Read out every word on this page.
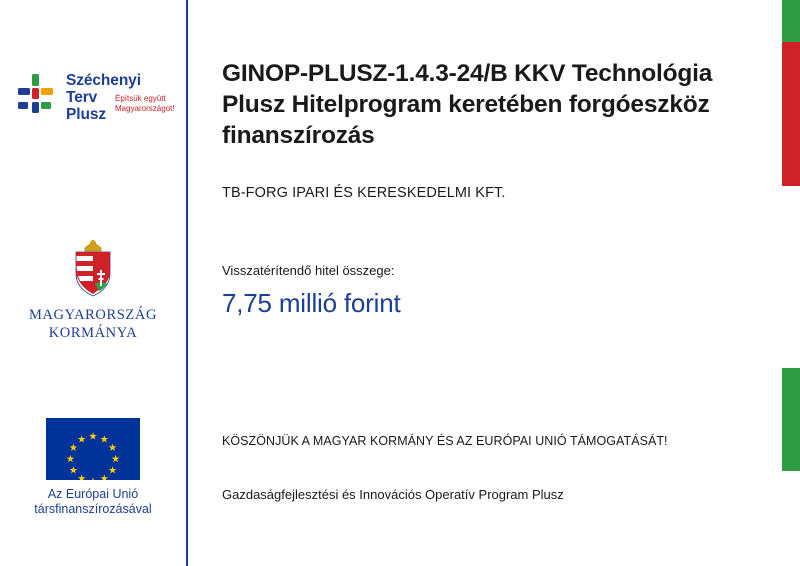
Széchenyi Terv
Plusz
Építsük együtt Magyarországot!
MAGYARORSZÁG
KORMÁNYA
Az Európai Unió
társfinanszírozásával
GINOP-PLUSZ-1.4.3-24/B KKV Technológia Plusz Hitelprogram keretében forgóeszköz finanszírozás
TB-FORG IPARI ÉS KERESKEDELMI KFT.
Visszatérítendő hitel összege:
7,75 millió forint
KÖSZÖNJÜK A MAGYAR KORMÁNY ÉS AZ EURÓPAI UNIÓ TÁMOGATÁSÁT!
Gazdaságfejlesztési és Innovációs Operatív Program Plusz
